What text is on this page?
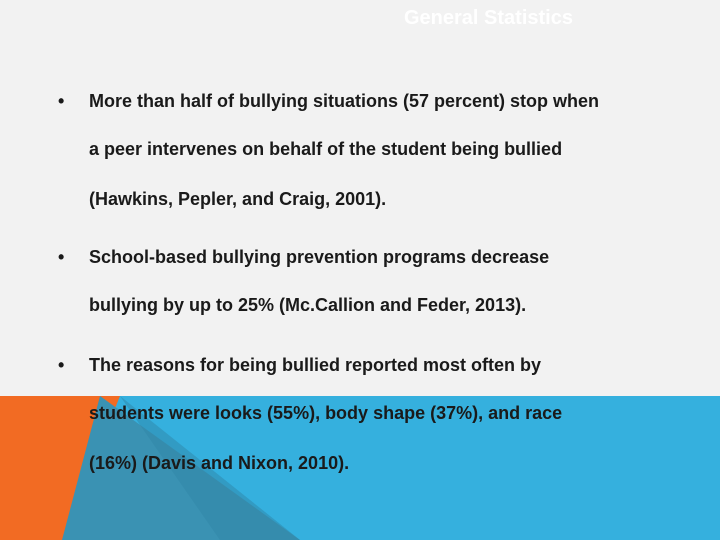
General Statistics
• More than half of bullying situations (57 percent) stop when
a peer intervenes on behalf of the student being bullied
(Hawkins, Pepler, and Craig, 2001).
• School-based bullying prevention programs decrease
bullying by up to 25% (Mc.Callion and Feder, 2013).
• The reasons for being bullied reported most often by
students were looks (55%), body shape (37%), and race
(16%) (Davis and Nixon, 2010).
